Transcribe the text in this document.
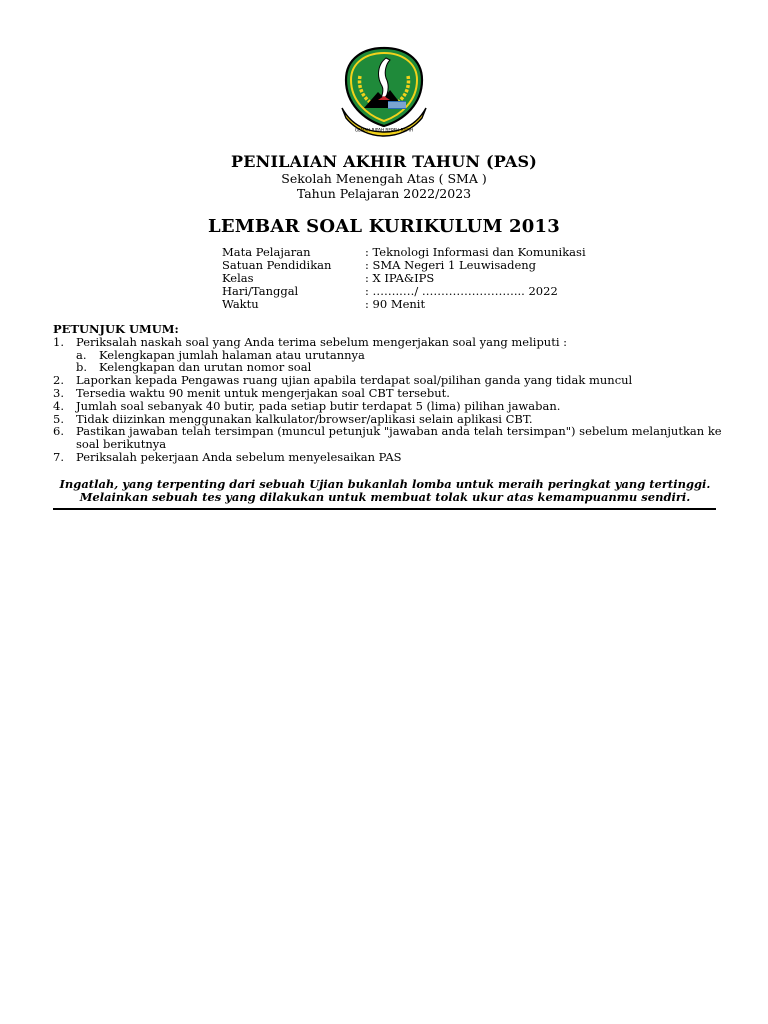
GEMAH RIPAH REPEH RAPIH
PENILAIAN AKHIR TAHUN (PAS)
Sekolah Menengah Atas ( SMA )
Tahun Pelajaran 2022/2023
LEMBAR SOAL KURIKULUM 2013
Mata Pelajaran	: Teknologi Informasi dan Komunikasi
Satuan Pendidikan	: SMA Negeri 1 Leuwisadeng
Kelas	: X IPA&IPS
Hari/Tanggal	: ……..…/ ……………………... 2022
Waktu	: 90 Menit
PETUNJUK UMUM:
1.	Periksalah naskah soal yang Anda terima sebelum mengerjakan soal yang meliputi :
a.	Kelengkapan jumlah halaman atau urutannya
b.	Kelengkapan dan urutan nomor soal
2.	Laporkan kepada Pengawas ruang ujian apabila terdapat soal/pilihan ganda yang tidak muncul
3.	Tersedia waktu 90 menit untuk mengerjakan soal CBT tersebut.
4.	Jumlah soal sebanyak 40 butir, pada setiap butir terdapat 5 (lima) pilihan jawaban.
5.	Tidak diizinkan menggunakan kalkulator/browser/aplikasi selain aplikasi CBT.
6.	Pastikan jawaban telah tersimpan (muncul petunjuk "jawaban anda telah tersimpan") sebelum melanjutkan ke soal berikutnya
7.	Periksalah pekerjaan Anda sebelum menyelesaikan PAS
Ingatlah, yang terpenting dari sebuah Ujian bukanlah lomba untuk meraih peringkat yang tertinggi.
Melainkan sebuah tes yang dilakukan untuk membuat tolak ukur atas kemampuanmu sendiri.
